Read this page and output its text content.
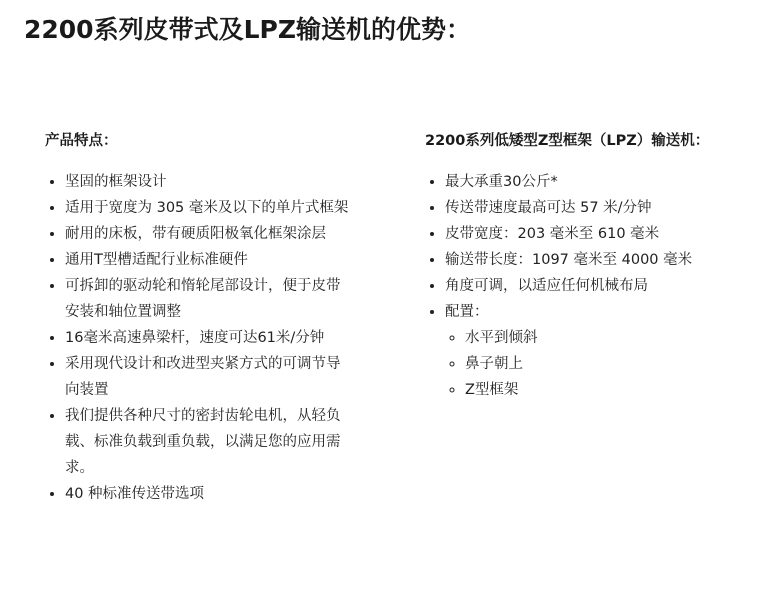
2200系列皮带式及LPZ输送机的优势：
产品特点：
• 坚固的框架设计
• 适用于宽度为 305 毫米及以下的单片式框架
• 耐用的床板，带有硬质阳极氧化框架涂层
• 通用T型槽适配行业标准硬件
• 可拆卸的驱动轮和惰轮尾部设计，便于皮带安装和轴位置调整
• 16毫米高速鼻梁杆，速度可达61米/分钟
• 采用现代设计和改进型夹紧方式的可调节导向装置
• 我们提供各种尺寸的密封齿轮电机，从轻负载、标准负载到重负载，以满足您的应用需求。
• 40 种标准传送带选项
2200系列低矮型Z型框架（LPZ）输送机：
• 最大承重30公斤*
• 传送带速度最高可达 57 米/分钟
• 皮带宽度：203 毫米至 610 毫米
• 输送带长度：1097 毫米至 4000 毫米
• 角度可调，以适应任何机械布局
• 配置：
◦ 水平到倾斜
◦ 鼻子朝上
◦ Z型框架
